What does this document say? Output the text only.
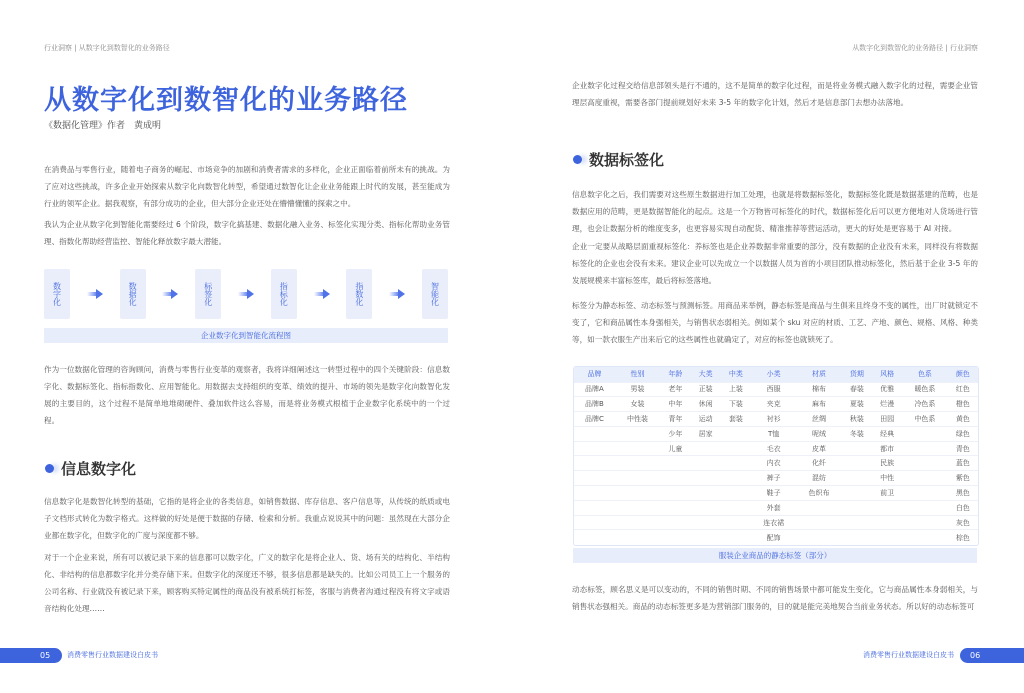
行业洞察 | 从数字化到数智化的业务路径
从数字化到数智化的业务路径
《数据化管理》作者　黄成明

在消费品与零售行业，随着电子商务的崛起、市场竞争的加剧和消费者需求的多样化，企业正面临着前所未有的挑战。为了应对这些挑战，许多企业开始探索从数字化向数智化转型，希望通过数智化让企业业务能跟上时代的发展，甚至能成为行业的领军企业。据我观察，有部分成功的企业，但大部分企业还处在懵懵懂懂的探索之中。

我认为企业从数字化到智能化需要经过 6 个阶段，数字化搞基建、数据化融入业务、标签化实现分类、指标化帮助业务管理、指数化帮助经营监控、智能化释放数字最大潜能。

数字化	数据化	标签化	指标化	指数化	智能化
企业数字化到智能化流程图

作为一位数据化管理的咨询顾问，消费与零售行业变革的观察者，我将详细阐述这一转型过程中的四个关键阶段：信息数字化、数据标签化、指标指数化、应用智能化。用数据去支持组织的变革、绩效的提升、市场的领先是数字化向数智化发展的主要目的，这个过程不是简单地堆砌硬件、叠加软件这么容易，而是将业务模式根植于企业数字化系统中的一个过程。

信息数字化

信息数字化是数智化转型的基础，它指的是将企业的各类信息，如销售数据、库存信息、客户信息等，从传统的纸质或电子文档形式转化为数字格式。这样做的好处是便于数据的存储、检索和分析。我重点说说其中的问题：虽然现在大部分企业都在数字化，但数字化的广度与深度都不够。

对于一个企业来说，所有可以被记录下来的信息都可以数字化，广义的数字化是将企业人、货、场有关的结构化、半结构化、非结构的信息都数字化并分类存储下来。但数字化的深度还不够，很多信息都是缺失的。比如公司员工上一个服务的公司名称、行业就没有被记录下来，顾客购买特定属性的商品没有被系统打标签，客服与消费者沟通过程没有将文字或语音结构化处理……

05	消费零售行业数据建设白皮书
从数字化到数智化的业务路径 | 行业洞察

企业数字化过程交给信息部领头是行不通的，这不是简单的数字化过程，而是将业务模式融入数字化的过程，需要企业管理层高度重视，需要各部门提前规划好未来 3-5 年的数字化计划，然后才是信息部门去想办法落地。

数据标签化

信息数字化之后，我们需要对这些原生数据进行加工处理，也就是将数据标签化，数据标签化既是数据基建的范畴，也是数据应用的范畴，更是数据智能化的起点。这是一个万物皆可标签化的时代，数据标签化后可以更方便地对人货场进行管理，也会让数据分析的维度变多，也更容易实现自动配货、精准推荐等营运活动，更大的好处是更容易于 AI 对接。

企业一定要从战略层面重视标签化：养标签也是企业养数据非常重要的部分，没有数据的企业没有未来，同样没有将数据标签化的企业也会没有未来。建议企业可以先成立一个以数据人员为首的小项目团队推动标签化，然后基于企业 3-5 年的发展规模来丰富标签库，最后将标签落地。

标签分为静态标签、动态标签与预测标签。用商品来举例，静态标签是商品与生俱来且终身不变的属性，出厂时就锁定不变了，它和商品属性本身强相关，与销售状态弱相关。例如某个 sku 对应的材质、工艺、产地、颜色、规格、风格、种类等，如一款衣服生产出来后它的这些属性也就确定了，对应的标签也就锁死了。

品牌	性别	年龄	大类	中类	小类	材质	货期	风格	色系	颜色
品牌A	男装	老年	正装	上装	西服	棉布	春装	优雅	暖色系	红色
品牌B	女装	中年	休闲	下装	夹克	麻布	夏装	烂漫	冷色系	橙色
品牌C	中性装	青年	运动	套装	衬衫	丝绸	秋装	田园	中色系	黄色
		少年	居家		T恤	呢绒	冬装	经典		绿色
		儿童			毛衣	皮革		都市		青色
					内衣	化纤		民族		蓝色
					裤子	混纺		中性		紫色
					鞋子	色织布		前卫		黑色
					外套					白色
					连衣裙					灰色
					配饰					棕色
服装企业商品的静态标签（部分）

动态标签，顾名思义是可以变动的，不同的销售时期、不同的销售场景中都可能发生变化，它与商品属性本身弱相关，与销售状态强相关。商品的动态标签更多是为营销部门服务的，目的就是能完美地契合当前业务状态。所以好的动态标签可

消费零售行业数据建设白皮书	06
